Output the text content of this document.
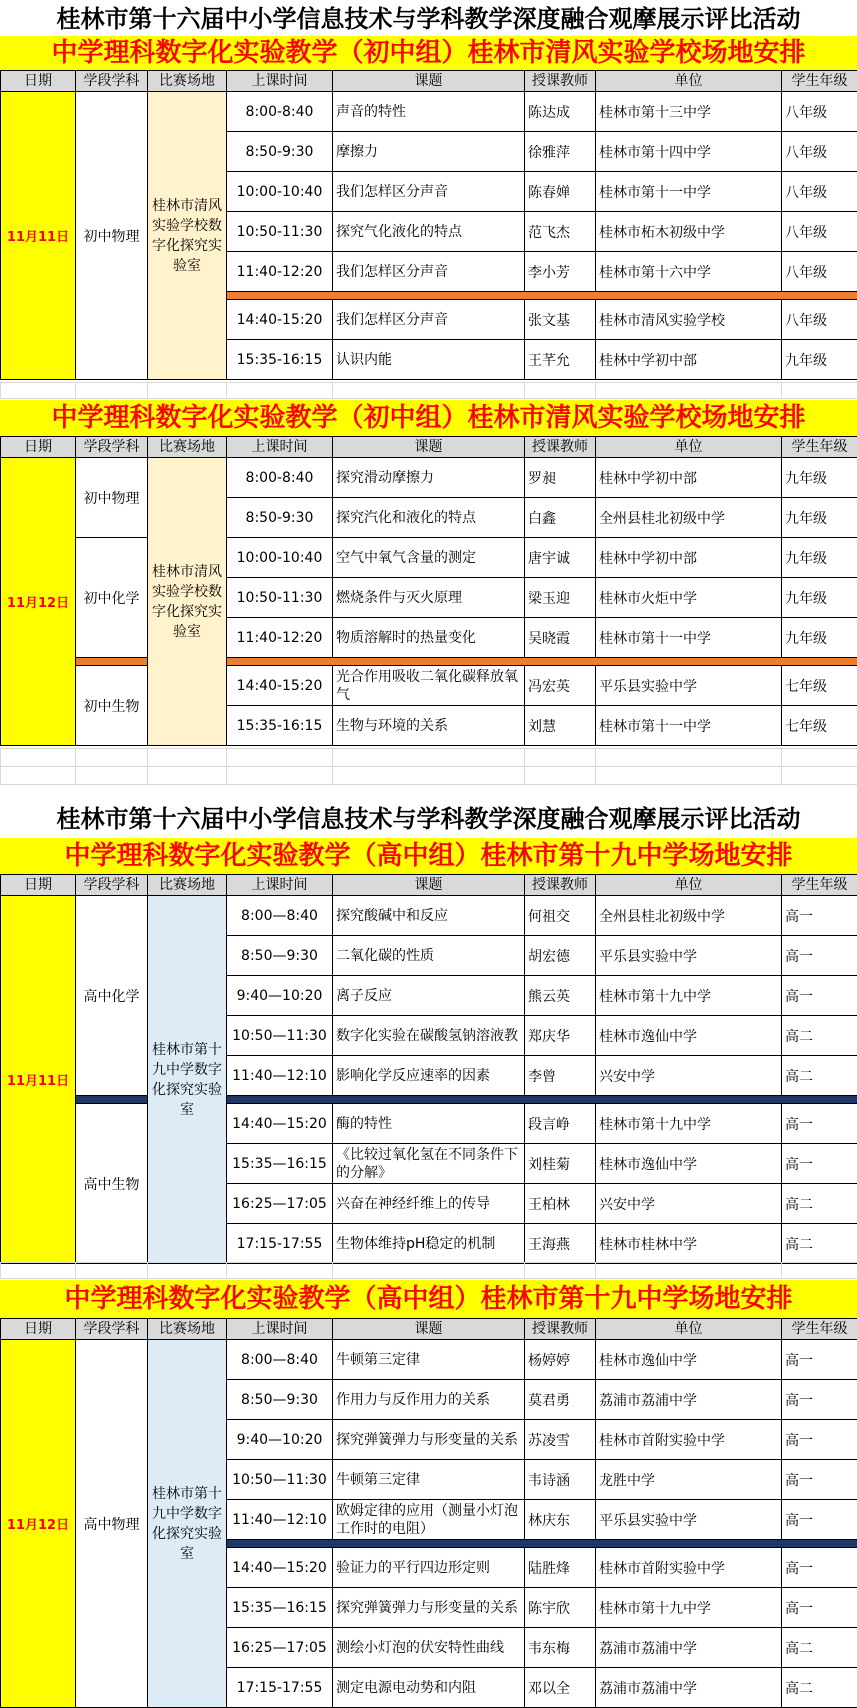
桂林市第十六届中小学信息技术与学科教学深度融合观摩展示评比活动
中学理科数字化实验教学（初中组）桂林市清风实验学校场地安排
日期	学段学科	比赛场地	上课时间	课题	授课教师	单位	学生年级
11月11日	初中物理	桂林市清风实验学校数字化探究实验室	8:00-8:40	声音的特性	陈达成	桂林市第十三中学	八年级
			8:50-9:30	摩擦力	徐雅萍	桂林市第十四中学	八年级
			10:00-10:40	我们怎样区分声音	陈春婵	桂林市第十一中学	八年级
			10:50-11:30	探究气化液化的特点	范飞杰	桂林市柘木初级中学	八年级
			11:40-12:20	我们怎样区分声音	李小芳	桂林市第十六中学	八年级

			14:40-15:20	我们怎样区分声音	张文基	桂林市清风实验学校	八年级
			15:35-16:15	认识内能	王芊允	桂林中学初中部	九年级

中学理科数字化实验教学（初中组）桂林市清风实验学校场地安排
日期	学段学科	比赛场地	上课时间	课题	授课教师	单位	学生年级
11月12日	初中物理	桂林市清风实验学校数字化探究实验室	8:00-8:40	探究滑动摩擦力	罗昶	桂林中学初中部	九年级
			8:50-9:30	探究汽化和液化的特点	白鑫	全州县桂北初级中学	九年级
	初中化学		10:00-10:40	空气中氧气含量的测定	唐宇诚	桂林中学初中部	九年级
			10:50-11:30	燃烧条件与灭火原理	梁玉迎	桂林市火炬中学	九年级
			11:40-12:20	物质溶解时的热量变化	吴晓霞	桂林市第十一中学	九年级

	初中生物		14:40-15:20	光合作用吸收二氧化碳释放氧气	冯宏英	平乐县实验中学	七年级
			15:35-16:15	生物与环境的关系	刘慧	桂林市第十一中学	七年级

桂林市第十六届中小学信息技术与学科教学深度融合观摩展示评比活动
中学理科数字化实验教学（高中组）桂林市第十九中学场地安排
日期	学段学科	比赛场地	上课时间	课题	授课教师	单位	学生年级
11月11日	高中化学	桂林市第十九中学数字化探究实验室	8:00—8:40	探究酸碱中和反应	何祖交	全州县桂北初级中学	高一
			8:50—9:30	二氧化碳的性质	胡宏德	平乐县实验中学	高一
			9:40—10:20	离子反应	熊云英	桂林市第十九中学	高一
			10:50—11:30	数字化实验在碳酸氢钠溶液教	郑庆华	桂林市逸仙中学	高二
			11:40—12:10	影响化学反应速率的因素	李曾	兴安中学	高二

	高中生物		14:40—15:20	酶的特性	段言峥	桂林市第十九中学	高一
			15:35—16:15	《比较过氧化氢在不同条件下的分解》	刘桂菊	桂林市逸仙中学	高一
			16:25—17:05	兴奋在神经纤维上的传导	王柏林	兴安中学	高二
			17:15-17:55	生物体维持pH稳定的机制	王海燕	桂林市桂林中学	高二

中学理科数字化实验教学（高中组）桂林市第十九中学场地安排
日期	学段学科	比赛场地	上课时间	课题	授课教师	单位	学生年级
11月12日	高中物理	桂林市第十九中学数字化探究实验室	8:00—8:40	牛顿第三定律	杨婷婷	桂林市逸仙中学	高一
			8:50—9:30	作用力与反作用力的关系	莫君勇	荔浦市荔浦中学	高一
			9:40—10:20	探究弹簧弹力与形变量的关系	苏凌雪	桂林市首附实验中学	高一
			10:50—11:30	牛顿第三定律	韦诗涵	龙胜中学	高一
			11:40—12:10	欧姆定律的应用（测量小灯泡工作时的电阻）	林庆东	平乐县实验中学	高一

			14:40—15:20	验证力的平行四边形定则	陆胜烽	桂林市首附实验中学	高一
			15:35—16:15	探究弹簧弹力与形变量的关系	陈宇欣	桂林市第十九中学	高一
			16:25—17:05	测绘小灯泡的伏安特性曲线	韦东梅	荔浦市荔浦中学	高二
			17:15-17:55	测定电源电动势和内阻	邓以全	荔浦市荔浦中学	高二
